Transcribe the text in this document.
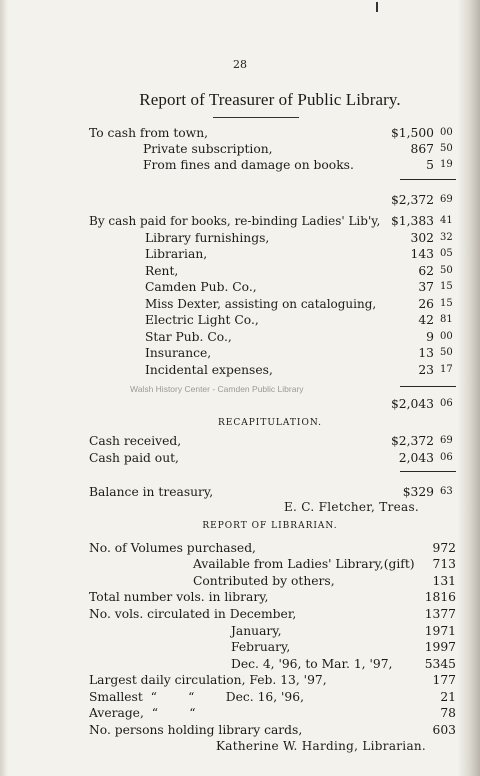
28
Report of Treasurer of Public Library.
To cash from town,	$1,500 00
Private subscription,	867 50
From fines and damage on books.	5 19
$2,372 69
By cash paid for books, re-binding Ladies' Lib'y, $1,383 41
Library furnishings,	302 32
Librarian,	143 05
Rent,	62 50
Camden Pub. Co.,	37 15
Miss Dexter, assisting on cataloguing,	26 15
Electric Light Co.,	42 81
Star Pub. Co.,	9 00
Insurance,	13 50
Incidental expenses,	23 17
Walsh History Center - Camden Public Library
$2,043 06
RECAPITULATION.
Cash received,	$2,372 69
Cash paid out,	2,043 06
Balance in treasury,	$329 63
E. C. Fletcher, Treas.
REPORT OF LIBRARIAN.
No. of Volumes purchased,	972
Available from Ladies' Library,(gift)	713
Contributed by others,	131
Total number vols. in library,	1816
No. vols. circulated in December,	1377
January,	1971
February,	1997
Dec. 4, '96, to Mar. 1, '97,	5345
Largest daily circulation, Feb. 13, '97,	177
Smallest  “        “        Dec. 16, '96,	21
Average,  “        “	78
No. persons holding library cards,	603
Katherine W. Harding, Librarian.
